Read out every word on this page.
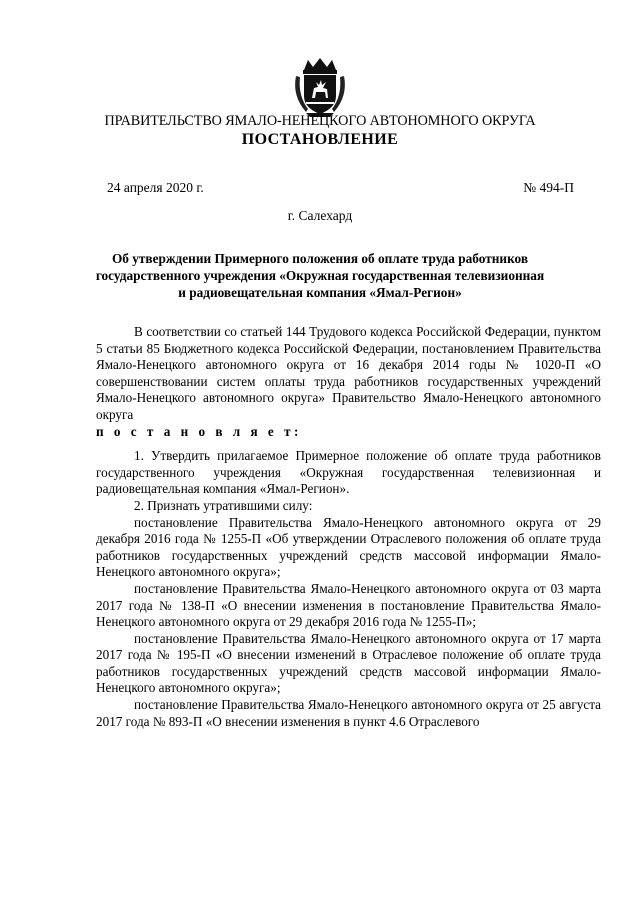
ПРАВИТЕЛЬСТВО ЯМАЛО-НЕНЕЦКОГО АВТОНОМНОГО ОКРУГА
ПОСТАНОВЛЕНИЕ
24 апреля 2020 г.	№ 494-П
г. Салехард
Об утверждении Примерного положения об оплате труда работников государственного учреждения «Окружная государственная телевизионная и радиовещательная компания «Ямал-Регион»

В соответствии со статьей 144 Трудового кодекса Российской Федерации, пунктом 5 статьи 85 Бюджетного кодекса Российской Федерации, постановлением Правительства Ямало-Ненецкого автономного округа от 16 декабря 2014 годы № 1020-П «О совершенствовании систем оплаты труда работников государственных учреждений Ямало-Ненецкого автономного округа» Правительство Ямало-Ненецкого автономного округа

п о с т а н о в л я е т:

1. Утвердить прилагаемое Примерное положение об оплате труда работников государственного учреждения «Окружная государственная телевизионная и радиовещательная компания «Ямал-Регион».

2. Признать утратившими силу:

постановление Правительства Ямало-Ненецкого автономного округа от 29 декабря 2016 года № 1255-П «Об утверждении Отраслевого положения об оплате труда работников государственных учреждений средств массовой информации Ямало-Ненецкого автономного округа»;

постановление Правительства Ямало-Ненецкого автономного округа от 03 марта 2017 года № 138-П «О внесении изменения в постановление Правительства Ямало-Ненецкого автономного округа от 29 декабря 2016 года № 1255-П»;

постановление Правительства Ямало-Ненецкого автономного округа от 17 марта 2017 года № 195-П «О внесении изменений в Отраслевое положение об оплате труда работников государственных учреждений средств массовой информации Ямало-Ненецкого автономного округа»;

постановление Правительства Ямало-Ненецкого автономного округа от 25 августа 2017 года № 893-П «О внесении изменения в пункт 4.6 Отраслевого
